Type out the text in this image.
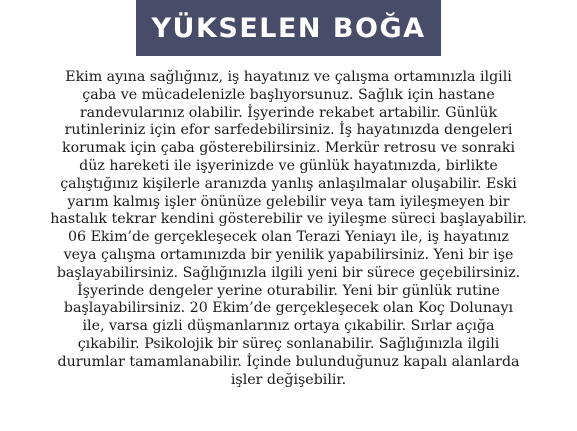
YÜKSELEN BOĞA

Ekim ayına sağlığınız, iş hayatınız ve çalışma ortamınızla ilgili
çaba ve mücadelenizle başlıyorsunuz. Sağlık için hastane
randevularınız olabilir. İşyerinde rekabet artabilir. Günlük
rutinleriniz için efor sarfedebilirsiniz. İş hayatınızda dengeleri
korumak için çaba gösterebilirsiniz. Merkür retrosu ve sonraki
düz hareketi ile işyerinizde ve günlük hayatınızda, birlikte
çalıştığınız kişilerle aranızda yanlış anlaşılmalar oluşabilir. Eski
yarım kalmış işler önünüze gelebilir veya tam iyileşmeyen bir
hastalık tekrar kendini gösterebilir ve iyileşme süreci başlayabilir.
06 Ekim’de gerçekleşecek olan Terazi Yeniayı ile, iş hayatınız
veya çalışma ortamınızda bir yenilik yapabilirsiniz. Yeni bir işe
başlayabilirsiniz. Sağlığınızla ilgili yeni bir sürece geçebilirsiniz.
İşyerinde dengeler yerine oturabilir. Yeni bir günlük rutine
başlayabilirsiniz. 20 Ekim’de gerçekleşecek olan Koç Dolunayı
ile, varsa gizli düşmanlarınız ortaya çıkabilir. Sırlar açığa
çıkabilir. Psikolojik bir süreç sonlanabilir. Sağlığınızla ilgili
durumlar tamamlanabilir. İçinde bulunduğunuz kapalı alanlarda
işler değişebilir.
